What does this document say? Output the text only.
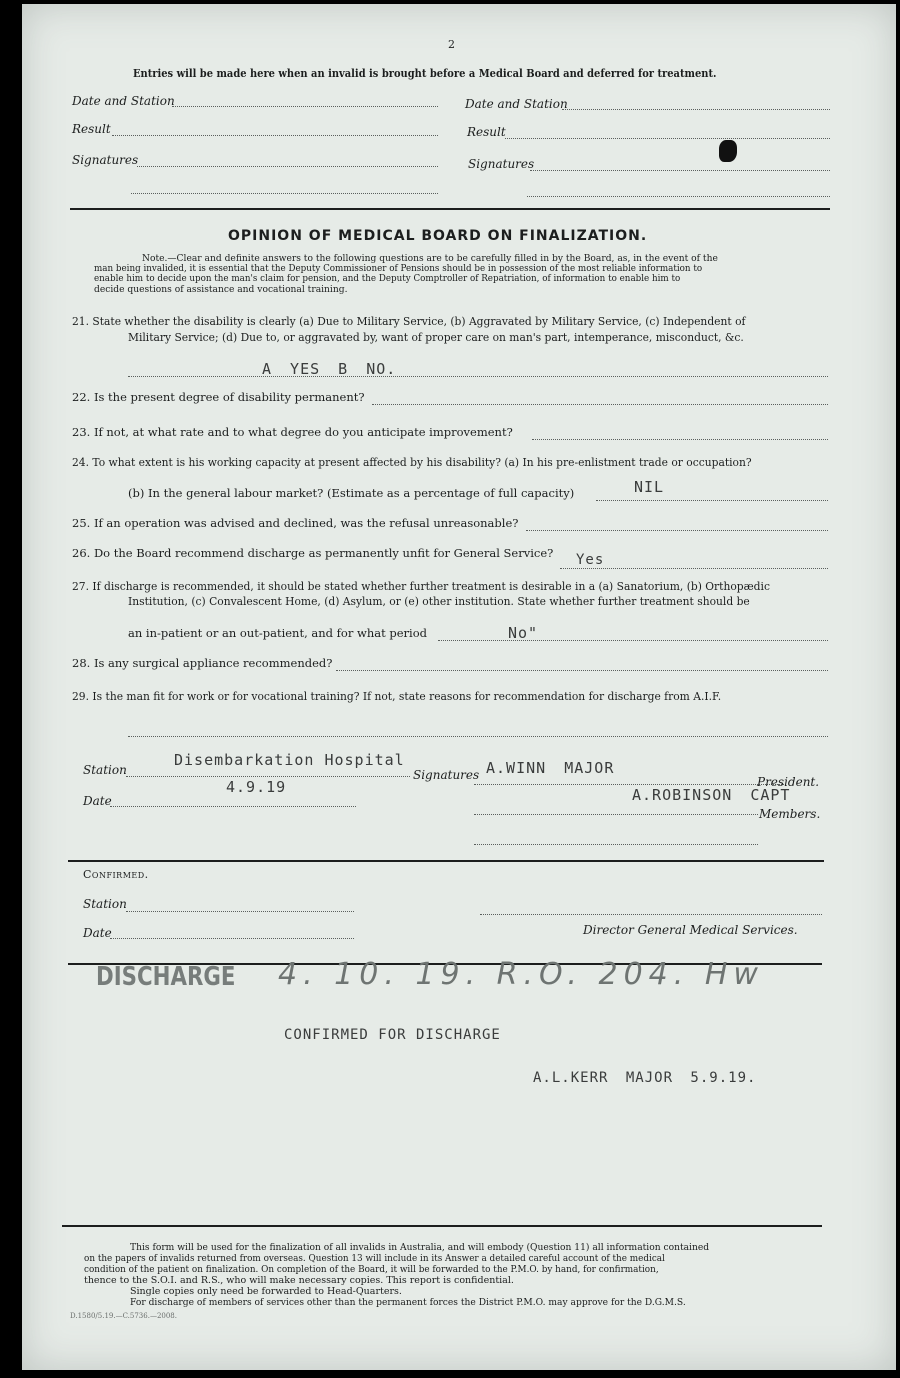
2
Entries will be made here when an invalid is brought before a Medical Board and deferred for treatment.
Date and Station	Date and Station
Result	Result
Signatures	Signatures
OPINION OF MEDICAL BOARD ON FINALIZATION.
Note.—Clear and definite answers to the following questions are to be carefully filled in by the Board, as, in the event of the
man being invalided, it is essential that the Deputy Commissioner of Pensions should be in possession of the most reliable information to
enable him to decide upon the man's claim for pension, and the Deputy Comptroller of Repatriation, of information to enable him to
decide questions of assistance and vocational training.
21. State whether the disability is clearly (a) Due to Military Service, (b) Aggravated by Military Service, (c) Independent of
Military Service; (d) Due to, or aggravated by, want of proper care on man's part, intemperance, misconduct, &c.
A YES B NO.
22. Is the present degree of disability permanent?
23. If not, at what rate and to what degree do you anticipate improvement?
24. To what extent is his working capacity at present affected by his disability? (a) In his pre-enlistment trade or occupation?
(b) In the general labour market? (Estimate as a percentage of full capacity)	NIL
25. If an operation was advised and declined, was the refusal unreasonable?
26. Do the Board recommend discharge as permanently unfit for General Service? Yes
27. If discharge is recommended, it should be stated whether further treatment is desirable in a (a) Sanatorium, (b) Orthopædic
Institution, (c) Convalescent Home, (d) Asylum, or (e) other institution. State whether further treatment should be
an in-patient or an out-patient, and for what period	No"
28. Is any surgical appliance recommended?
29. Is the man fit for work or for vocational training? If not, state reasons for recommendation for discharge from A.I.F.
Station
Disembarkation Hospital
Date
4.9.19
Signatures A.WINN MAJOR
President.
A.ROBINSON CAPT
Members.
Confirmed.
Station
Date	Director General Medical Services.
DISCHARGE 4. 10. 19. R.O. 204. Hw
CONFIRMED FOR DISCHARGE
A.L.KERR MAJOR 5.9.19.
This form will be used for the finalization of all invalids in Australia, and will embody (Question 11) all information contained
on the papers of invalids returned from overseas. Question 13 will include in its Answer a detailed careful account of the medical
condition of the patient on finalization. On completion of the Board, it will be forwarded to the P.M.O. by hand, for confirmation,
thence to the S.O.I. and R.S., who will make necessary copies. This report is confidential.
Single copies only need be forwarded to Head-Quarters.
For discharge of members of services other than the permanent forces the District P.M.O. may approve for the D.G.M.S.
D.1580/5.19.—C.5736.—2008.
